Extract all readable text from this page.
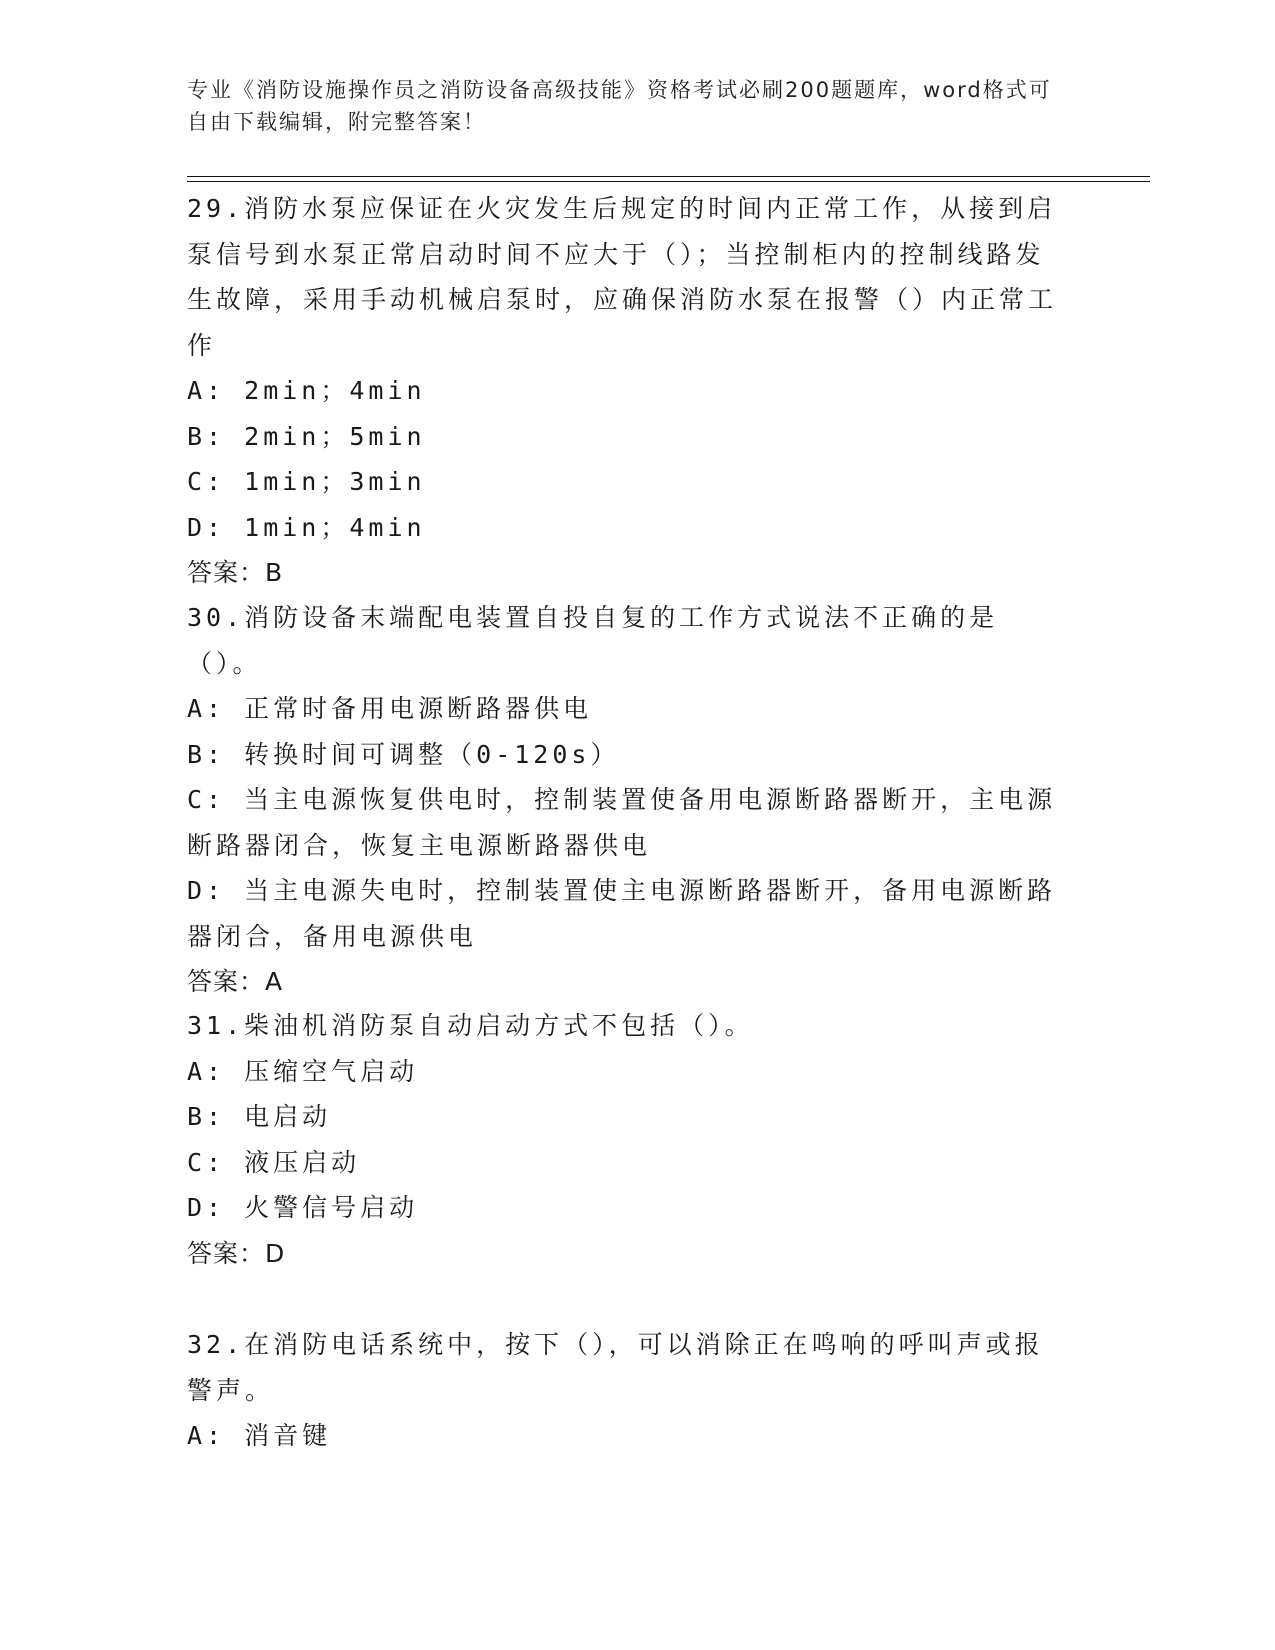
专业《消防设施操作员之消防设备高级技能》资格考试必刷200题题库，word格式可自由下载编辑，附完整答案！
29.消防水泵应保证在火灾发生后规定的时间内正常工作，从接到启泵信号到水泵正常启动时间不应大于（）；当控制柜内的控制线路发生故障，采用手动机械启泵时，应确保消防水泵在报警（）内正常工作
A: 2min；4min
B: 2min；5min
C: 1min；3min
D: 1min；4min
答案：B
30.消防设备末端配电装置自投自复的工作方式说法不正确的是（）。
A: 正常时备用电源断路器供电
B: 转换时间可调整（0-120s）
C: 当主电源恢复供电时，控制装置使备用电源断路器断开，主电源断路器闭合，恢复主电源断路器供电
D: 当主电源失电时，控制装置使主电源断路器断开，备用电源断路器闭合，备用电源供电
答案：A
31.柴油机消防泵自动启动方式不包括（）。
A: 压缩空气启动
B: 电启动
C: 液压启动
D: 火警信号启动
答案：D
32.在消防电话系统中，按下（），可以消除正在鸣响的呼叫声或报警声。
A: 消音键
